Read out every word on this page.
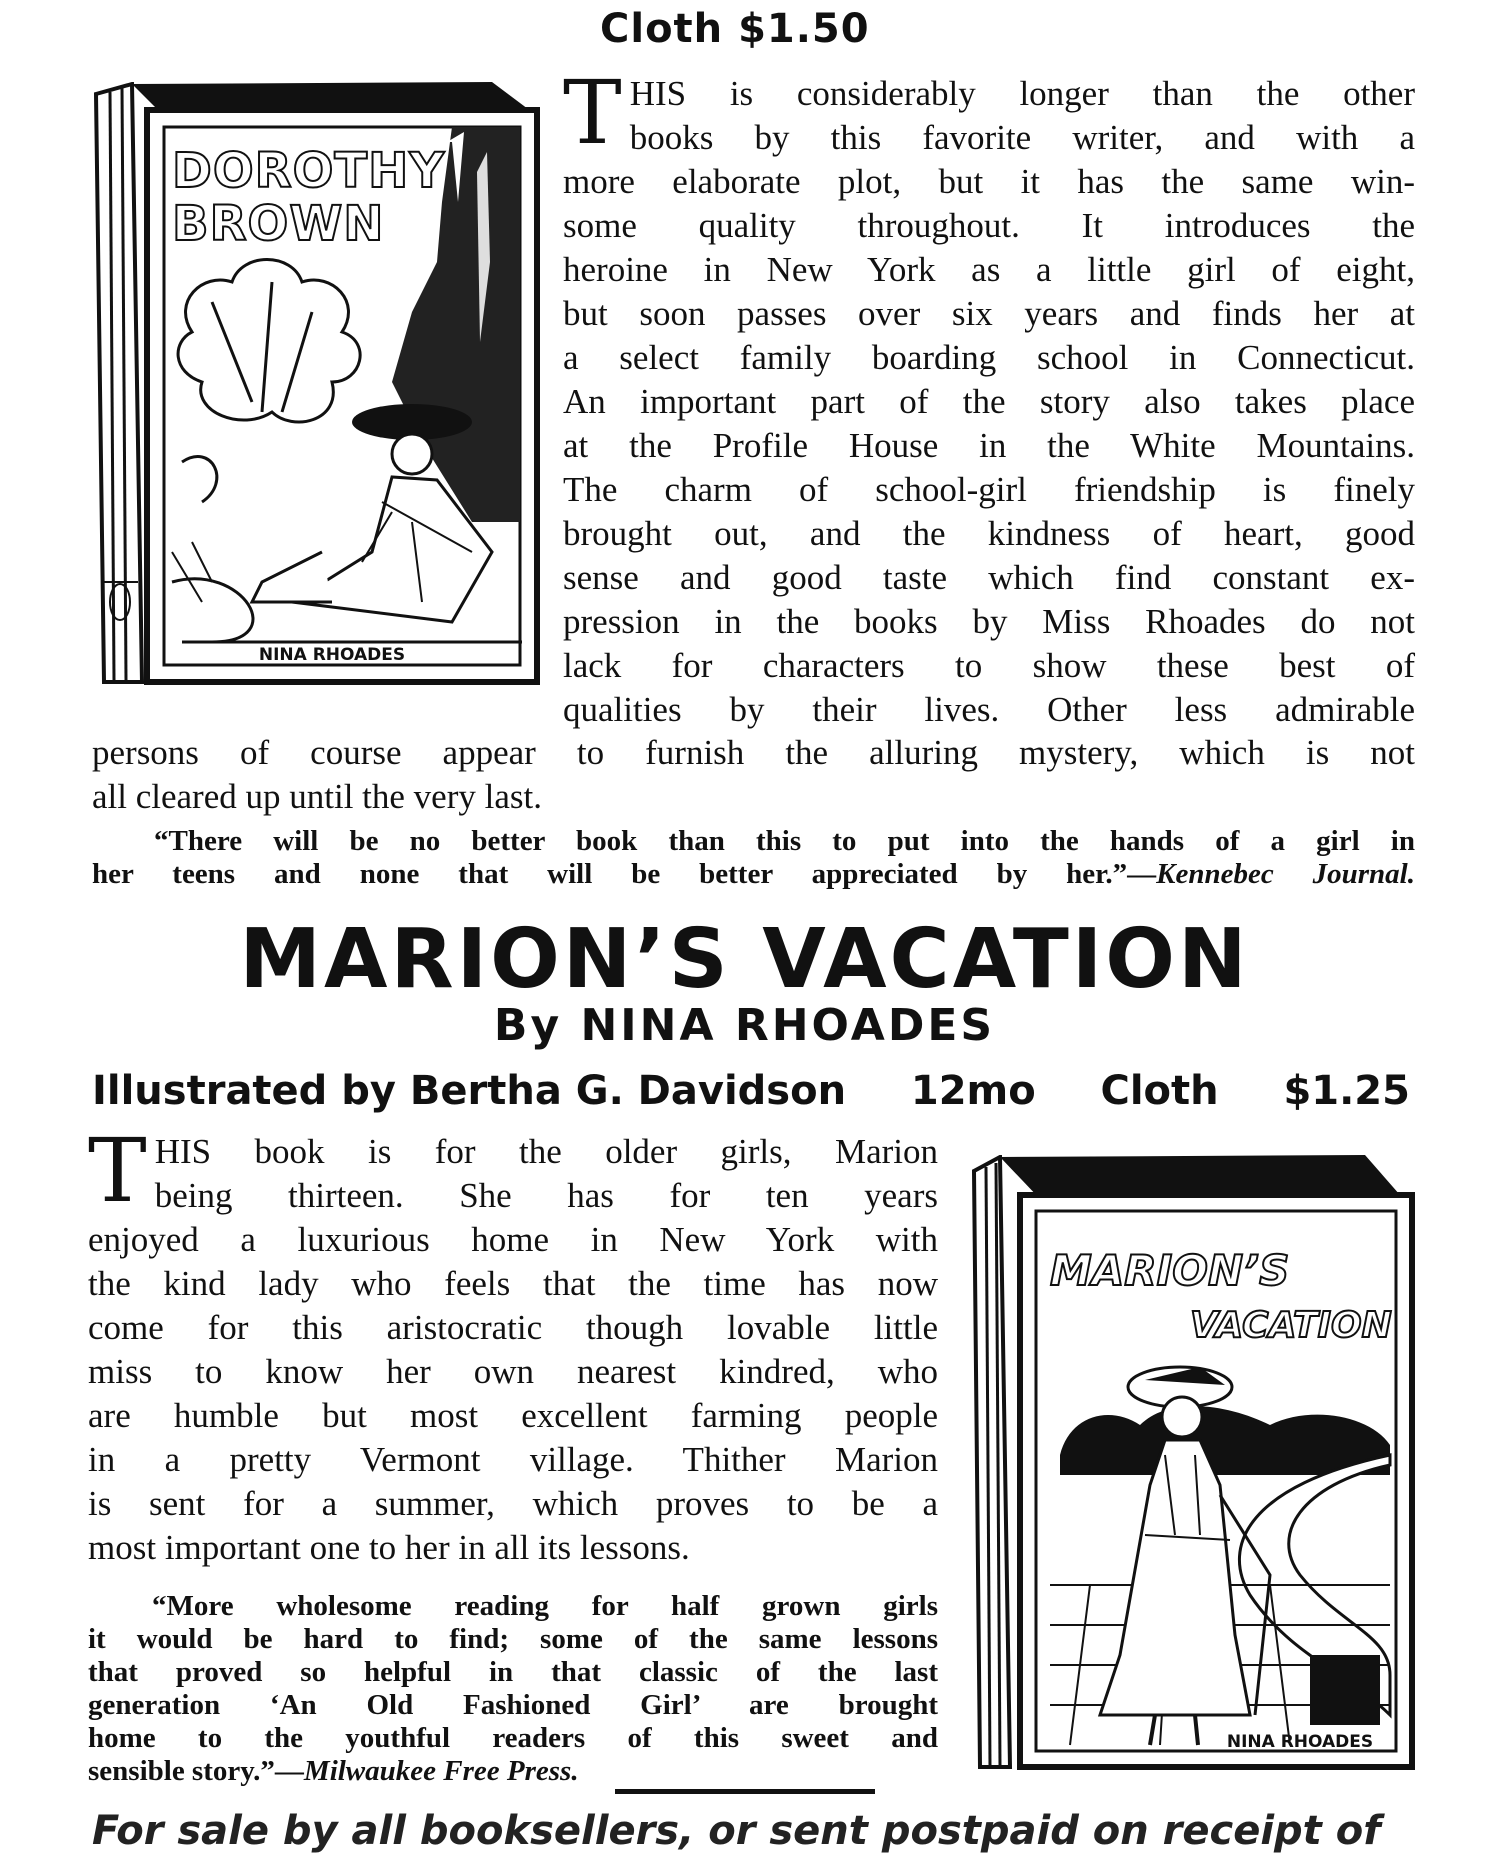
Cloth $1.50
DOROTHY
BROWN
NINA RHOADES
T HIS is considerably longer than the other
books by this favorite writer, and with a
more elaborate plot, but it has the same win-
some quality throughout. It introduces the
heroine in New York as a little girl of eight,
but soon passes over six years and finds her at
a select family boarding school in Connecticut.
An important part of the story also takes place
at the Profile House in the White Mountains.
The charm of school-girl friendship is finely
brought out, and the kindness of heart, good
sense and good taste which find constant ex-
pression in the books by Miss Rhoades do not
lack for characters to show these best of
qualities by their lives. Other less admirable
persons of course appear to furnish the alluring mystery, which is not
all cleared up until the very last.
“There will be no better book than this to put into the hands of a girl in
her teens and none that will be better appreciated by her.”—Kennebec Journal.
MARION’S VACATION
By NINA RHOADES
Illustrated by Bertha G. Davidson 12mo Cloth $1.25
T HIS book is for the older girls, Marion
being thirteen. She has for ten years
enjoyed a luxurious home in New York with
the kind lady who feels that the time has now
come for this aristocratic though lovable little
miss to know her own nearest kindred, who
are humble but most excellent farming people
in a pretty Vermont village. Thither Marion
is sent for a summer, which proves to be a
most important one to her in all its lessons.
“More wholesome reading for half grown girls
it would be hard to find; some of the same lessons
that proved so helpful in that classic of the last
generation ‘An Old Fashioned Girl’ are brought
home to the youthful readers of this sweet and
sensible story.”—Milwaukee Free Press.
MARION’S
VACATION
NINA RHOADES
For sale by all booksellers, or sent postpaid on receipt of
